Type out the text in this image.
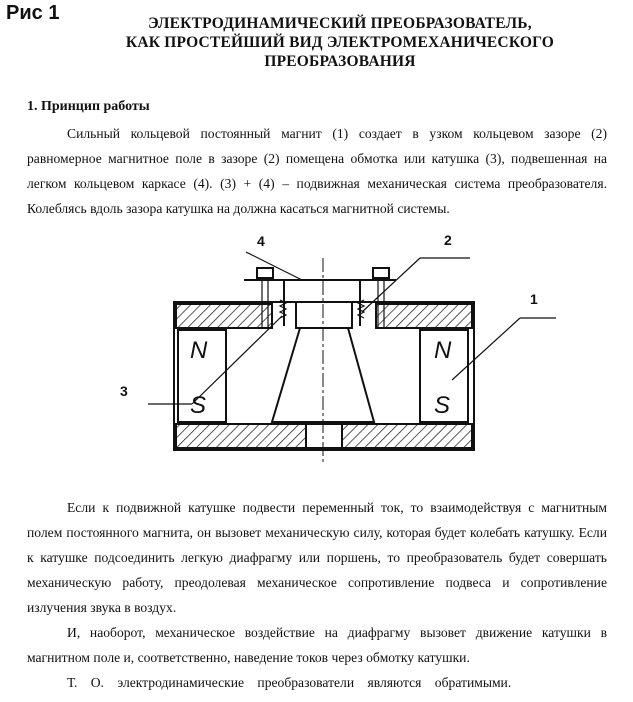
Рис 1	ЭЛЕКТРОДИНАМИЧЕСКИЙ ПРЕОБРАЗОВАТЕЛЬ,
КАК ПРОСТЕЙШИЙ ВИД ЭЛЕКТРОМЕХАНИЧЕСКОГО
ПРЕОБРАЗОВАНИЯ
1. Принцип работы

Сильный кольцевой постоянный магнит (1) создает в узком кольцевом зазоре (2) равномерное магнитное поле в зазоре (2) помещена обмотка или катушка (3), подвешенная на легком кольцевом каркасе (4). (3) + (4) – подвижная механическая система преобразователя. Колеблясь вдоль зазора катушка на должна касаться магнитной системы.

N
S
N
S
1
2
3
4

Если к подвижной катушке подвести переменный ток, то взаимодействуя с магнитным полем постоянного магнита, он вызовет механическую силу, которая будет колебать катушку. Если к катушке подсоединить легкую диафрагму или поршень, то преобразователь будет совершать механическую работу, преодолевая механическое сопротивление подвеса и сопротивление излучения звука в воздух.

И, наоборот, механическое воздействие на диафрагму вызовет движение катушки в магнитном поле и, соответственно, наведение токов через обмотку катушки.

Т. О. электродинамические преобразователи являются обратимыми.
